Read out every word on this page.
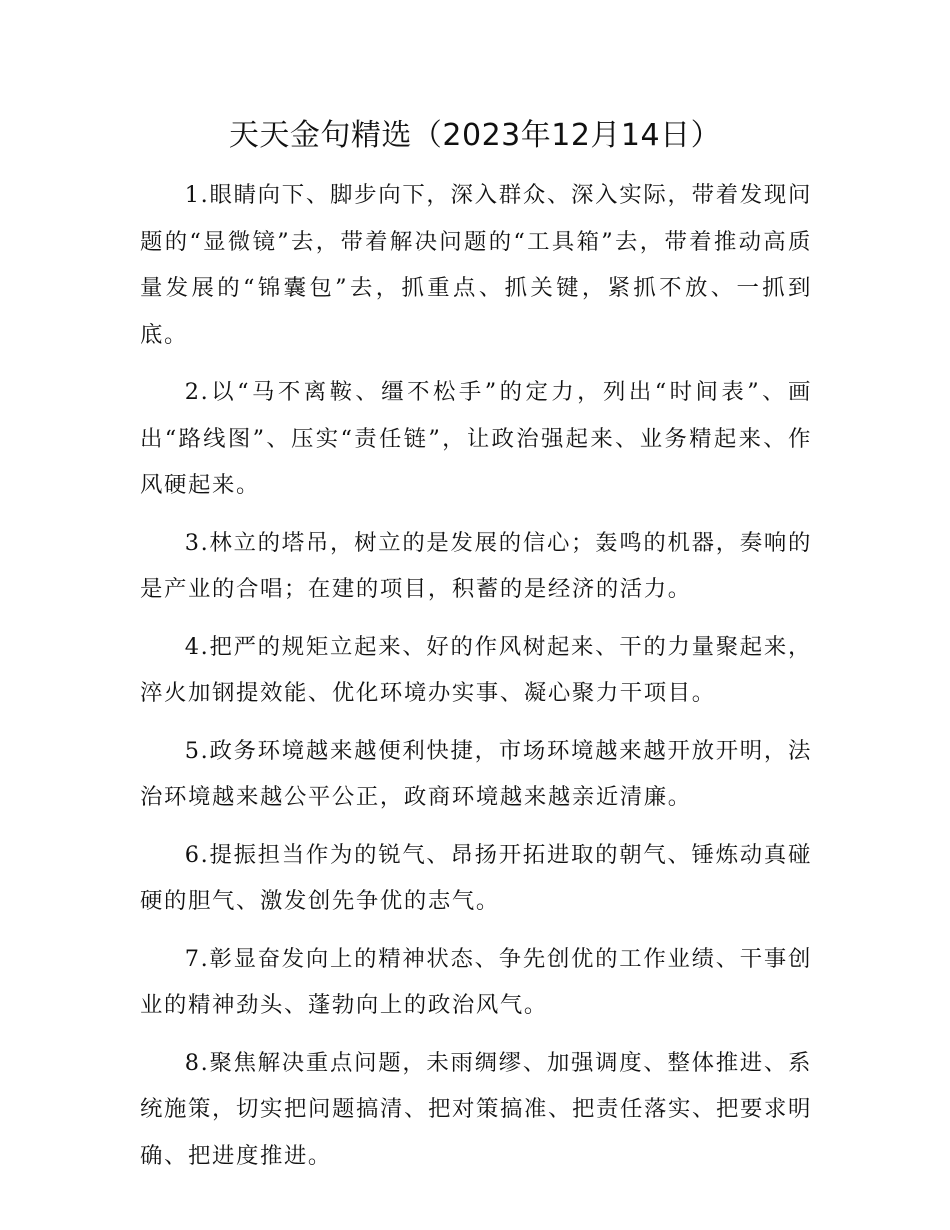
天天金句精选（2023年12月14日）

1.眼睛向下、脚步向下，深入群众、深入实际，带着发现问题的“显微镜”去，带着解决问题的“工具箱”去，带着推动高质量发展的“锦囊包”去，抓重点、抓关键，紧抓不放、一抓到底。

2.以“马不离鞍、缰不松手”的定力，列出“时间表”、画出“路线图”、压实“责任链”，让政治强起来、业务精起来、作风硬起来。

3.林立的塔吊，树立的是发展的信心；轰鸣的机器，奏响的是产业的合唱；在建的项目，积蓄的是经济的活力。

4.把严的规矩立起来、好的作风树起来、干的力量聚起来，淬火加钢提效能、优化环境办实事、凝心聚力干项目。

5.政务环境越来越便利快捷，市场环境越来越开放开明，法治环境越来越公平公正，政商环境越来越亲近清廉。

6.提振担当作为的锐气、昂扬开拓进取的朝气、锤炼动真碰硬的胆气、激发创先争优的志气。

7.彰显奋发向上的精神状态、争先创优的工作业绩、干事创业的精神劲头、蓬勃向上的政治风气。

8.聚焦解决重点问题，未雨绸缪、加强调度、整体推进、系统施策，切实把问题搞清、把对策搞准、把责任落实、把要求明确、把进度推进。
